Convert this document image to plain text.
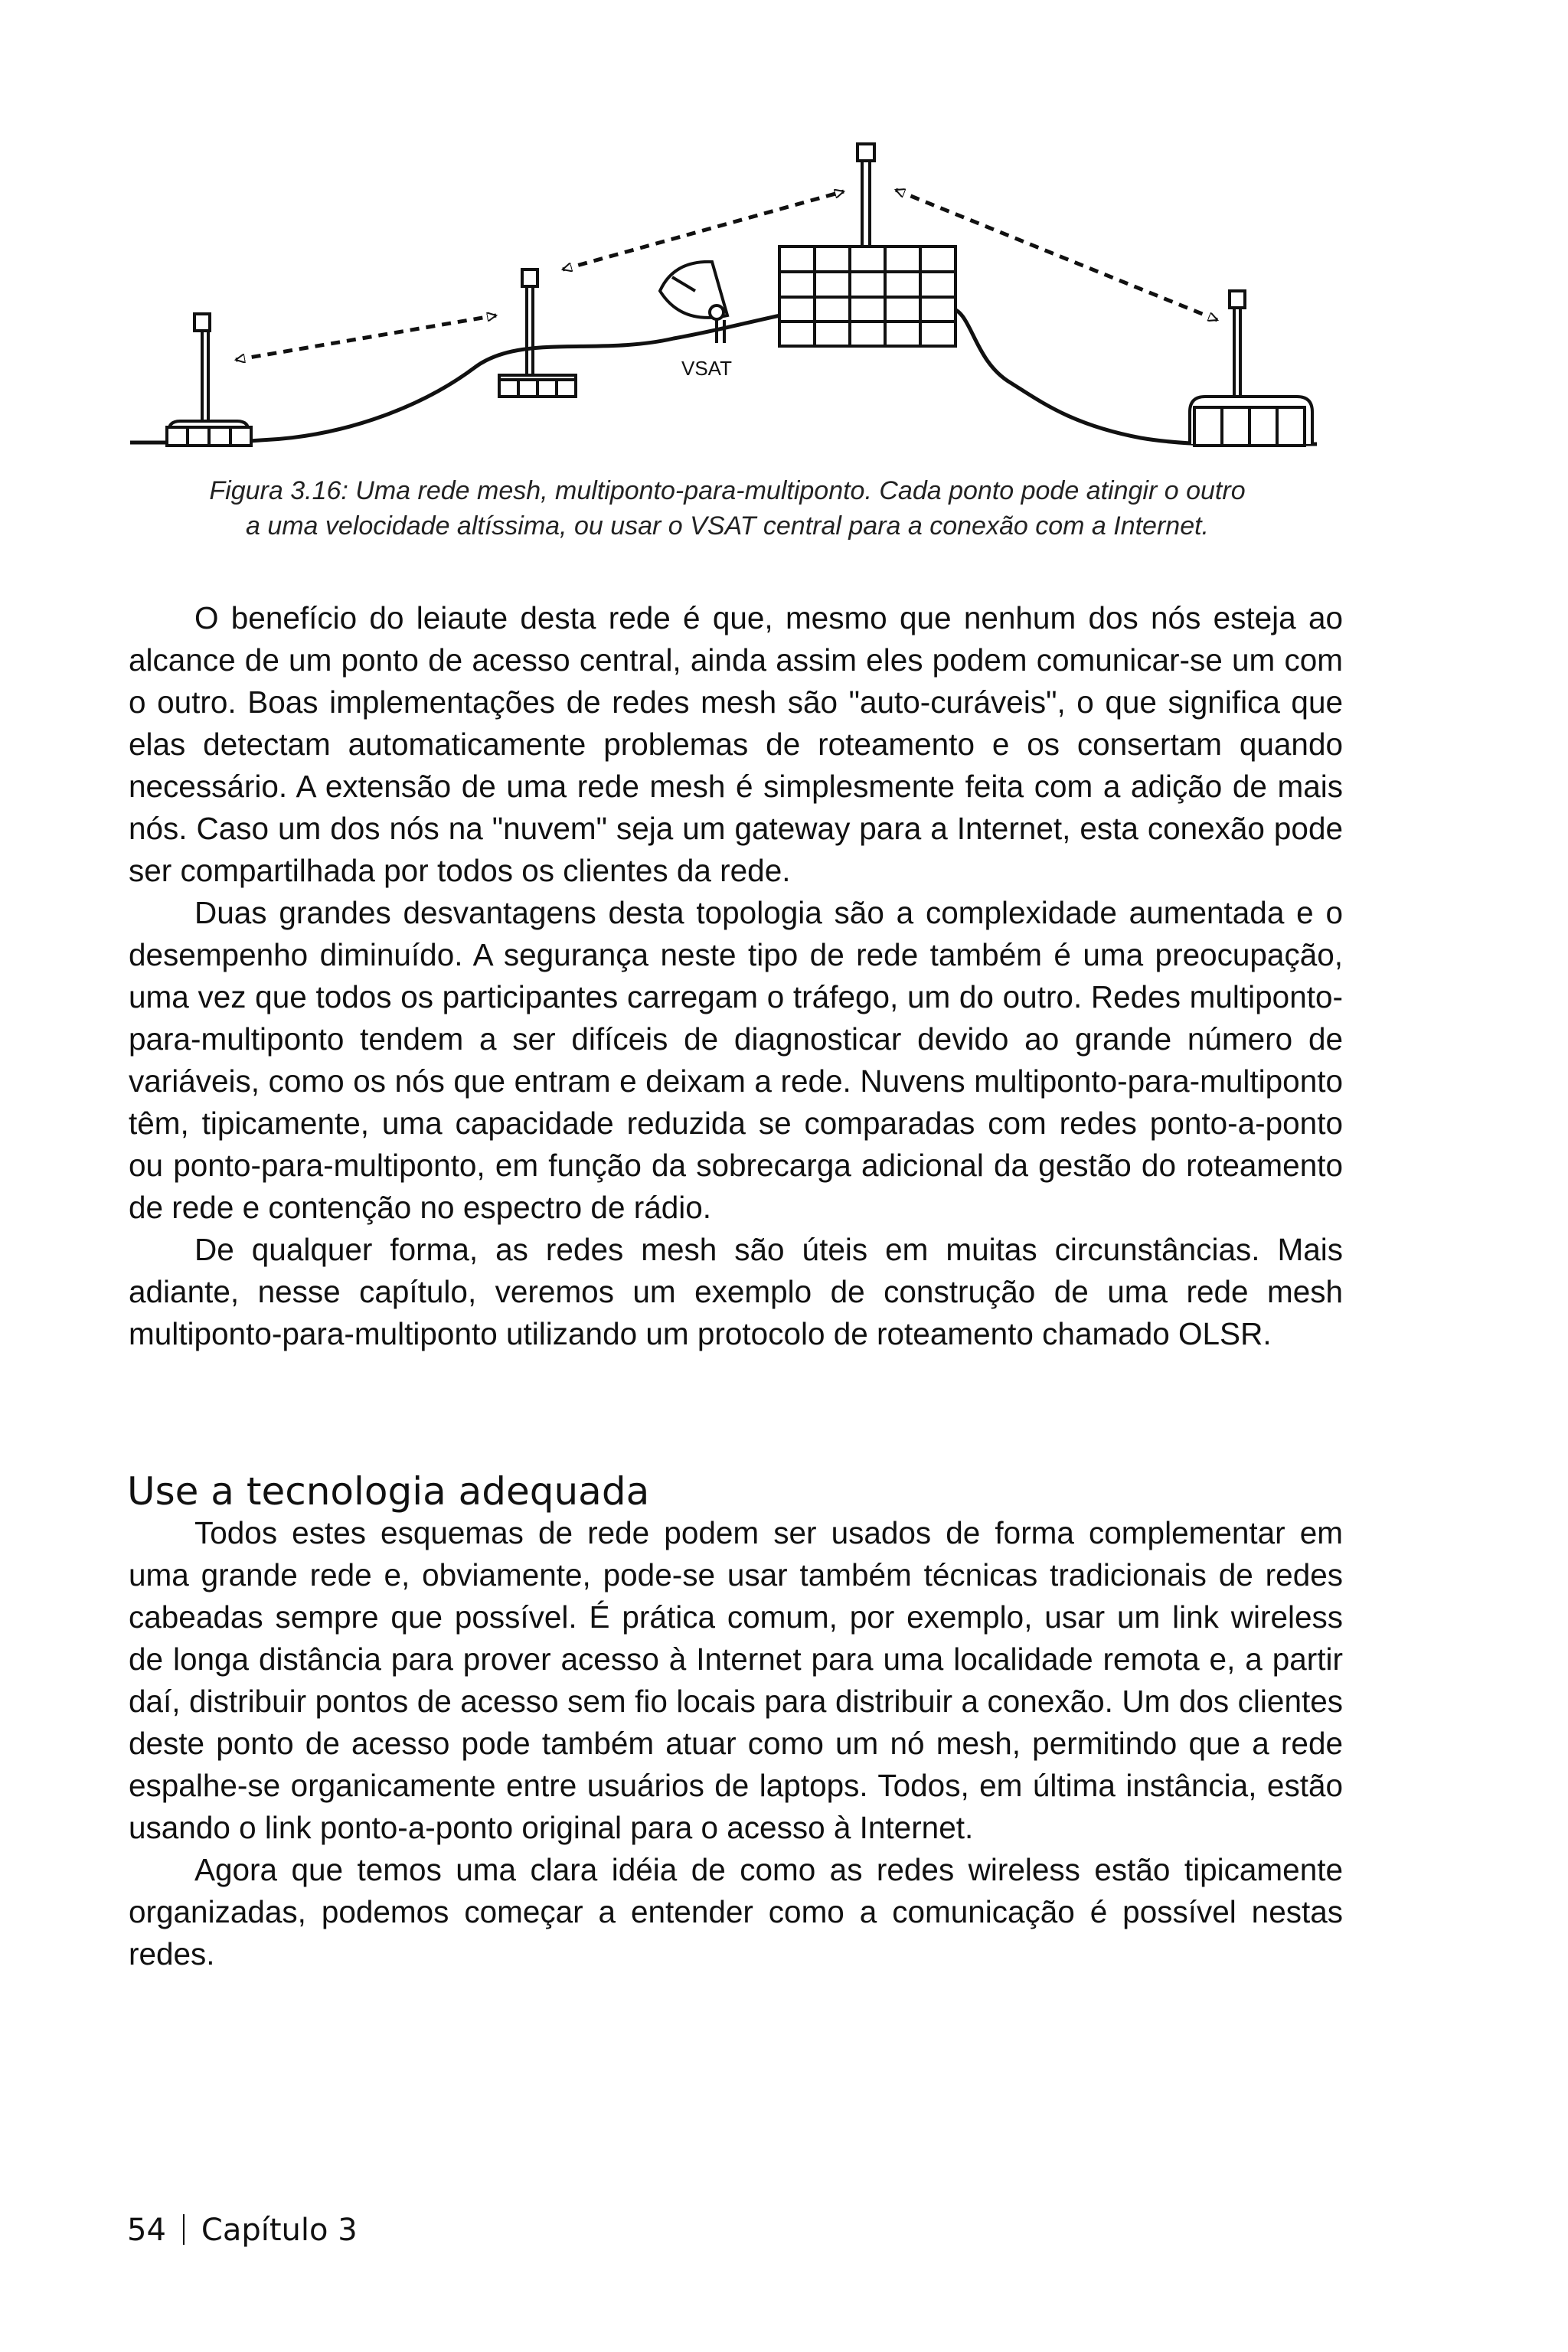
VSAT
Figura 3.16: Uma rede mesh, multiponto-para-multiponto. Cada ponto pode atingir o outro
a uma velocidade altíssima, ou usar o VSAT central para a conexão com a Internet.

O benefício do leiaute desta rede é que, mesmo que nenhum dos nós esteja ao alcance de um ponto de acesso central, ainda assim eles podem comunicar-se um com o outro. Boas implementações de redes mesh são "auto-curáveis", o que significa que elas detectam automaticamente problemas de roteamento e os consertam quando necessário. A extensão de uma rede mesh é simplesmente feita com a adição de mais nós. Caso um dos nós na "nuvem" seja um gateway para a Internet, esta conexão pode ser compartilhada por todos os clientes da rede.

Duas grandes desvantagens desta topologia são a complexidade aumentada e o desempenho diminuído. A segurança neste tipo de rede também é uma preocupação, uma vez que todos os participantes carregam o tráfego, um do outro. Redes multiponto-para-multiponto tendem a ser difíceis de diagnosticar devido ao grande número de variáveis, como os nós que entram e deixam a rede. Nuvens multiponto-para-multiponto têm, tipicamente, uma capacidade reduzida se comparadas com redes ponto-a-ponto ou ponto-para-multiponto, em função da sobrecarga adicional da gestão do roteamento de rede e contenção no espectro de rádio.

De qualquer forma, as redes mesh são úteis em muitas circunstâncias. Mais adiante, nesse capítulo, veremos um exemplo de construção de uma rede mesh multiponto-para-multiponto utilizando um protocolo de roteamento chamado OLSR.

Use a tecnologia adequada

Todos estes esquemas de rede podem ser usados de forma complementar em uma grande rede e, obviamente, pode-se usar também técnicas tradicionais de redes cabeadas sempre que possível. É prática comum, por exemplo, usar um link wireless de longa distância para prover acesso à Internet para uma localidade remota e, a partir daí, distribuir pontos de acesso sem fio locais para distribuir a conexão. Um dos clientes deste ponto de acesso pode também atuar como um nó mesh, permitindo que a rede espalhe-se organicamente entre usuários de laptops. Todos, em última instância, estão usando o link ponto-a-ponto original para o acesso à Internet.

Agora que temos uma clara idéia de como as redes wireless estão tipicamente organizadas, podemos começar a entender como a comunicação é possível nestas redes.

54 Capítulo 3
